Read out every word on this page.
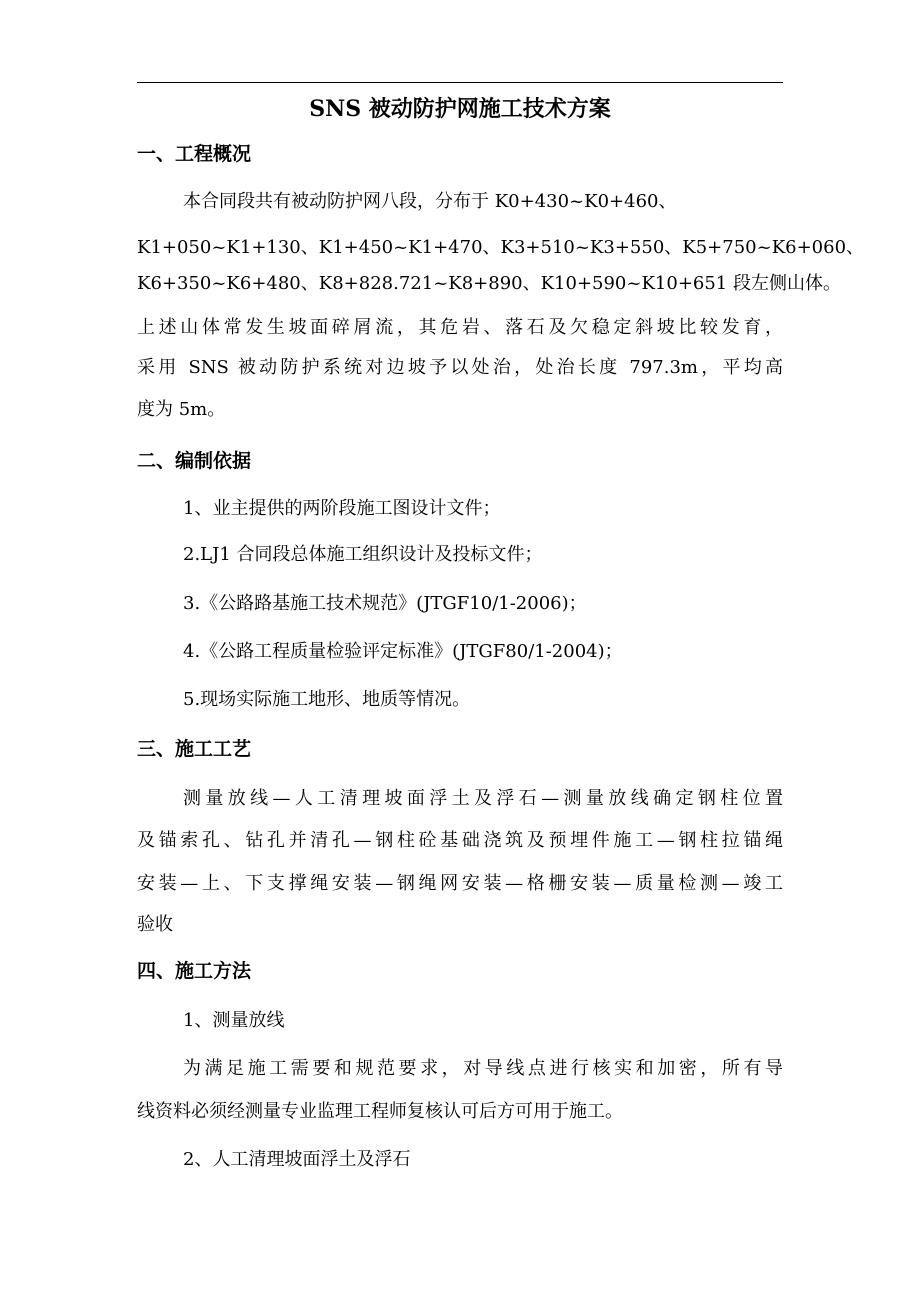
SNS 被动防护网施工技术方案
一、工程概况
本合同段共有被动防护网八段，分布于 K0+430~K0+460、
K1+050~K1+130、K1+450~K1+470、K3+510~K3+550、K5+750~K6+060、
K6+350~K6+480、K8+828.721~K8+890、K10+590~K10+651 段左侧山体。
上述山体常发生坡面碎屑流，其危岩、落石及欠稳定斜坡比较发育，
采用 SNS 被动防护系统对边坡予以处治，处治长度 797.3m，平均高
度为 5m。
二、编制依据
1、业主提供的两阶段施工图设计文件；
2.LJ1 合同段总体施工组织设计及投标文件；
3.《公路路基施工技术规范》(JTGF10/1-2006)；
4.《公路工程质量检验评定标准》(JTGF80/1-2004)；
5.现场实际施工地形、地质等情况。
三、施工工艺
测量放线—人工清理坡面浮土及浮石—测量放线确定钢柱位置
及锚索孔、钻孔并清孔—钢柱砼基础浇筑及预埋件施工—钢柱拉锚绳
安装—上、下支撑绳安装—钢绳网安装—格栅安装—质量检测—竣工
验收
四、施工方法
1、测量放线
为满足施工需要和规范要求，对导线点进行核实和加密，所有导
线资料必须经测量专业监理工程师复核认可后方可用于施工。
2、人工清理坡面浮土及浮石
